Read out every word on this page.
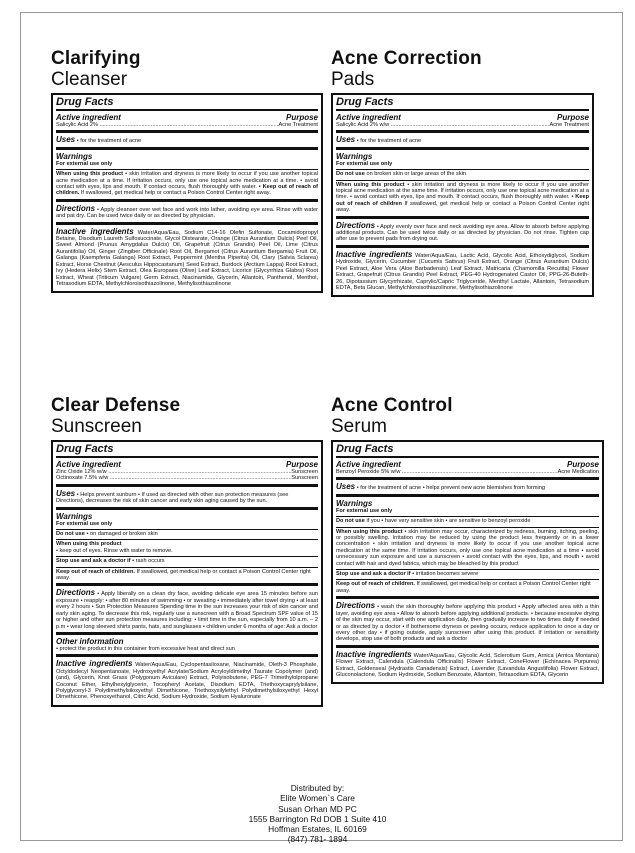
Clarifying
Cleanser
Drug Facts
Active ingredient	Purpose
Salicylic Acid 2% .....	Acne Treatment
Uses • for the treatment of acne
Warnings
For external use only
When using this product • skin irritation and dryness is more likely to occur if you use another topical acne medication at a time. If irritation occurs, only use one topical acne medication at a time. • avoid contact with eyes, lips and mouth. If contact occurs, flush thoroughly with water. • Keep out of reach of children. If swallowed, get medical help or contact a Poison Control Center right away.
Directions • Apply cleanser over wet face and work into lather, avoiding eye area. Rinse with water and pat dry. Can be used twice daily or as directed by physician.
Inactive ingredients Water/Aqua/Eau, Sodium C14-16 Olefin Sulfonate, Cocamidopropyl Betaine, Disodium Laureth Sulfosuccinate, Glycol Distearate, Orange (Citrus Aurantium Dulcis) Peel Oil, Sweet Almond (Prunus Amygdalus Dulcis) Oil, Grapefruit (Citrus Grandis) Peel Oil, Lime (Citrus Aurantifolia) Oil, Ginger (Zingiber Officinale) Root Oil, Bergamot (Citrus Aurantium Bergamia) Fruit Oil, Galanga (Kaempferia Galanga) Root Extract, Peppermint (Mentha Piperita) Oil, Clary (Salvia Sclarea) Extract, Horse Chestnut (Aesculus Hippocastanum) Seed Extract, Burdock (Arctium Lappa) Root Extract, Ivy (Hedera Helix) Stem Extract, Olea Europaea (Olive) Leaf Extract, Licorice (Glycyrrhiza Glabra) Root Extract, Wheat (Triticum Vulgare) Germ Extract, Niacinamide, Glycerin, Allantoin, Panthenol, Menthol, Tetrasodium EDTA, Methylchloroisothiazolinone, Methylisothiazolinone
Acne Correction
Pads
Drug Facts
Active ingredient	Purpose
Salicylic Acid 2% w/w .....	Acne Treatment
Uses • for the treatment of acne
Warnings
For external use only
Do not use on broken skin or large areas of the skin
When using this product • skin irritation and dryness is more likely to occur if you use another topical acne medication at the same time. If irritation occurs, only use one topical acne medication at a time. • avoid contact with eyes, lips and mouth. If contact occurs, flush thoroughly with water. • Keep out of reach of children If swallowed, get medical help or contact a Poison Control Center right away.
Directions • Apply evenly over face and neck avoiding eye area. Allow to absorb before applying additional products. Can be used twice daily or as directed by physician. Do not rinse. Tighten cap after use to prevent pads from drying out.
Inactive ingredients Water/Aqua/Eau, Lactic Acid, Glycolic Acid, Ethoxydiglycol, Sodium Hydroxide, Glycerin, Cucumber (Cucumis Sativus) Fruit Extract, Orange (Citrus Aurantium Dulcis) Peel Extract, Aloe Vera (Aloe Barbadensis) Leaf Extract, Matricaria (Chamomilla Recutita) Flower Extract, Grapefruit (Citrus Grandis) Peel Extract, PEG-40 Hydrogenated Castor Oil, PPG-26-Buteth-26, Dipotassium Glycyrrhizate, Caprylic/Capric Triglyceride, Menthyl Lactate, Allantoin, Tetrasodium EDTA, Beta Glucan, Methylchloroisothiazolinone, Methylisothiazolinone
Clear Defense
Sunscreen
Drug Facts
Active ingredient	Purpose
Zinc Oxide 12% w/w .....	Sunscreen
Octinoxate 7.5% w/w .....	Sunscreen
Uses • Helps prevent sunburn • If used as directed with other sun protection measures (see Directions), decreases the risk of skin cancer and early skin aging caused by the sun.
Warnings
For external use only
Do not use • on damaged or broken skin
When using this product
• keep out of eyes. Rinse with water to remove.
Stop use and ask a doctor if • rash occurs
Keep out of reach of children. If swallowed, get medical help or contact a Poison Control Center right away.
Directions • Apply liberally on a clean dry face, avoiding delicate eye area 15 minutes before sun exposure • reapply: • after 80 minutes of swimming • or sweating • immediately after towel drying • at least every 2 hours • Sun Protection Measures Spending time in the sun increases your risk of skin cancer and early skin aging. To decrease this risk, regularly use a sunscreen with a Broad Spectrum SPF value of 15 or higher and other sun protection measures including: • limit time in the sun, especially from 10 a.m. – 2 p.m • wear long sleeved shirts pants, hats, and sunglasses • children under 6 months of age: Ask a doctor
Other information
• protect the product in this container from excessive heat and direct sun
Inactive ingredients Water/Aqua/Eau, Cyclopentasiloxane, Niacinamide, Oleth-3 Phosphate, Octyldodecyl Neopentanoate, Hydroxyethyl Acrylate/Sodium Acryloyldimethyl Taurate Copolymer (and) (and), Glycerin, Knot Grass (Polygonum Aviculare) Extract, Polyisobutene, PEG-7 Trimethylolpropane Coconut Ether, Ethylhexylglycerin, Tocopheryl Acetate, Disodium EDTA, Triethoxycaprylylsilane, Polyglyceryl-3 Polydimethylsiloxyethyl Dimethicone, Triethoxysilylethyl Polydimethylsiloxyethyl Hexyl Dimethicone, Phenoxyethanol, Citric Acid, Sodium Hydroxide, Sodium Hyaluronate
Acne Control
Serum
Drug Facts
Active ingredient	Purpose
Benzoyl Peroxide 5% w/w .....	Acne Medication
Uses • for the treatment of acne • helps prevent new acne blemishes from forming
Warnings
For external use only
Do not use if you • have very sensitive skin • are sensitive to benzoyl peroxide
When using this product • skin irritation may occur, characterized by redness, burning, itching, peeling, or possibly swelling. Irritation may be reduced by using the product less frequently or in a lower concentration • skin irritation and dryness is more likely to occur if you use another topical acne medication at the same time. If irritation occurs, only use one topical acne medication at a time • avoid unnecessary sun exposure and use a sunscreen • avoid contact with the eyes, lips, and mouth • avoid contact with hair and dyed fabrics, which may be bleached by this product
Stop use and ask a doctor if • irritation becomes severe
Keep out of reach of children. If swallowed, get medical help or contact a Poison Control Center right away.
Directions • wash the skin thoroughly before applying this product • Apply affected area with a thin layer, avoiding eye area • Allow to absorb before applying additional products. • because excessive drying of the skin may occur, start with one application daily, then gradually increase to two times daily if needed or as directed by a doctor • if bothersome dryness or peeling occurs, reduce application to once a day or every other day • if going outside, apply sunscreen after using this product. If irritation or sensitivity develops, stop use of both products and ask a doctor
Inactive ingredients Water/Aqua/Eau, Glycolic Acid, Sclerotium Gum, Arnica (Arnica Montana) Flower Extract, Calendula (Calendula Officinalis) Flower Extract, ConeFlower (Echinacea Purpurea) Extract, Goldenseal (Hydrastis Canadensis) Extract, Lavender (Lavandula Angustifolia) Flower Extract, Gluconolactone, Sodium Hydroxide, Sodium Benzoate, Allantoin, Tetrasodium EDTA, Glycerin
Distributed by:
Elite Women`s Care
Susan Orhan MD PC
1555 Barrington Rd DOB 1 Suite 410
Hoffman Estates, IL 60169
(847) 781- 1894
